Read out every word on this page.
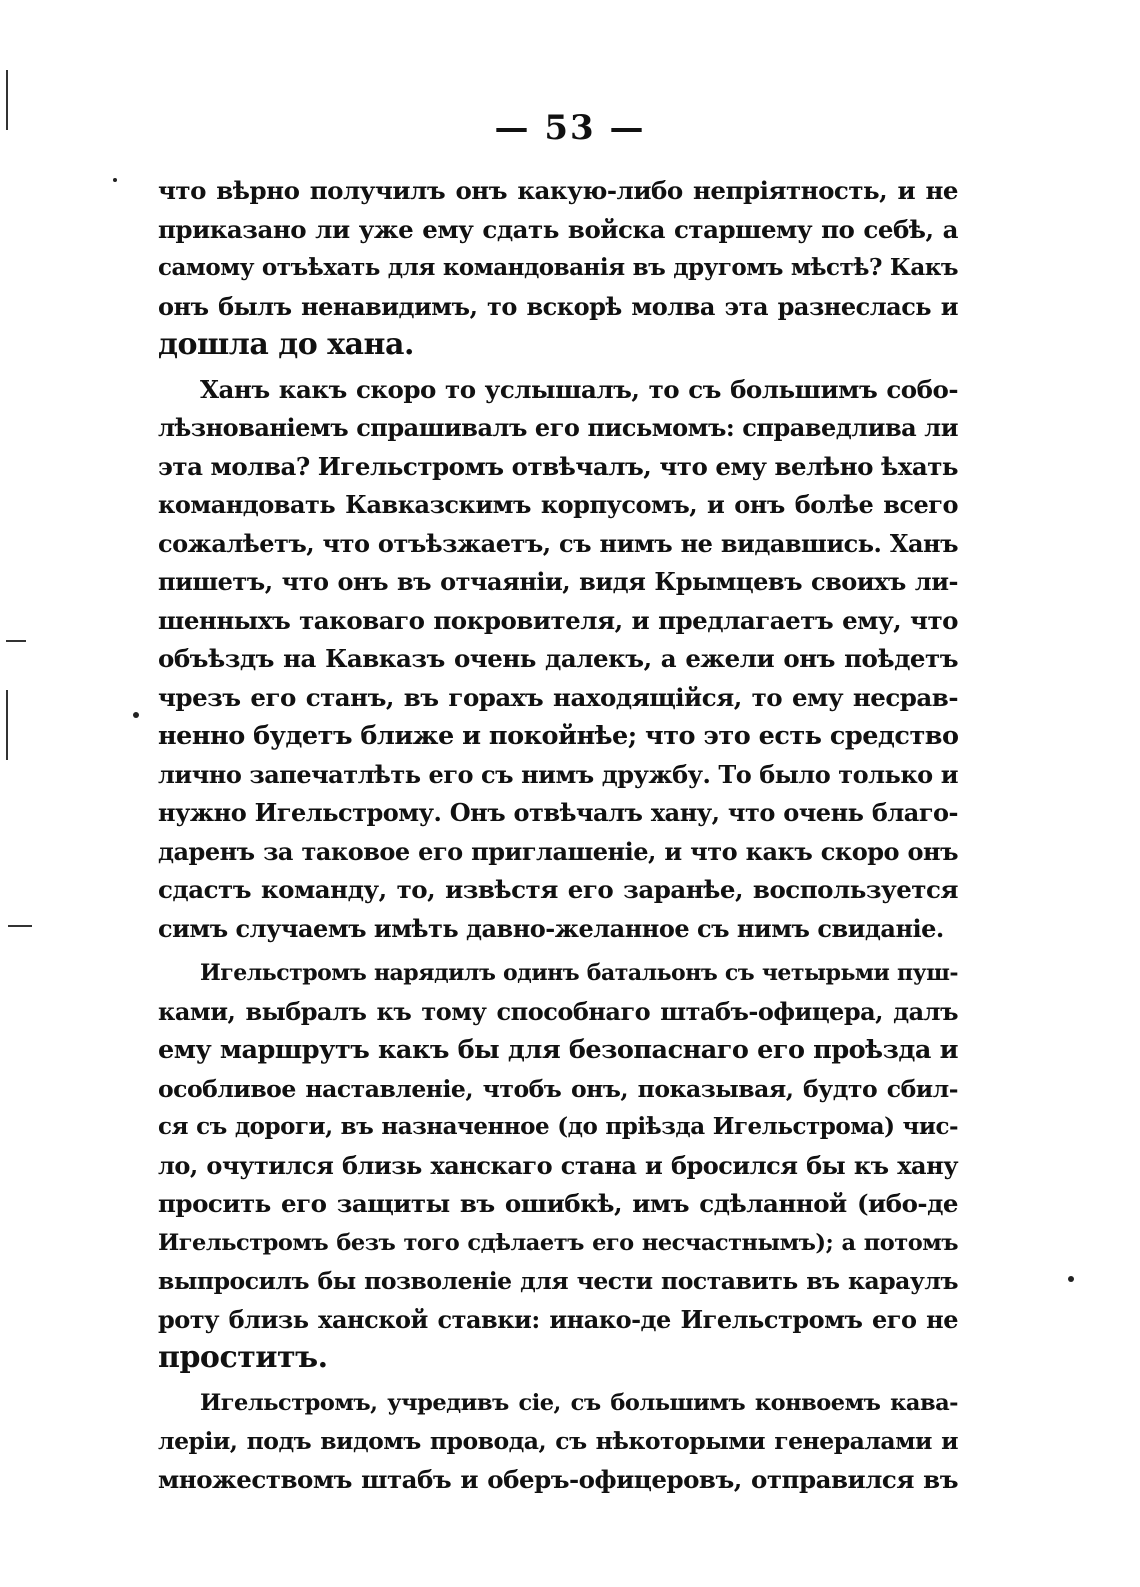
— 53 —

что вѣрно получилъ онъ какую-либо непріятность, и не
приказано ли уже ему сдать войска старшему по себѣ, а
самому отъѣхать для командованія въ другомъ мѣстѣ? Какъ
онъ былъ ненавидимъ, то вскорѣ молва эта разнеслась и
дошла до хана.

Ханъ какъ скоро то услышалъ, то съ большимъ собо-
лѣзнованіемъ спрашивалъ его письмомъ: справедлива ли
эта молва? Игельстромъ отвѣчалъ, что ему велѣно ѣхать
командовать Кавказскимъ корпусомъ, и онъ болѣе всего
сожалѣетъ, что отъѣзжаетъ, съ нимъ не видавшись. Ханъ
пишетъ, что онъ въ отчаяніи, видя Крымцевъ своихъ ли-
шенныхъ таковаго покровителя, и предлагаетъ ему, что
объѣздъ на Кавказъ очень далекъ, а ежели онъ поѣдетъ
чрезъ его станъ, въ горахъ находящійся, то ему несрав-
ненно будетъ ближе и покойнѣе; что это есть средство
лично запечатлѣть его съ нимъ дружбу. То было только и
нужно Игельстрому. Онъ отвѣчалъ хану, что очень благо-
даренъ за таковое его приглашеніе, и что какъ скоро онъ
сдастъ команду, то, извѣстя его заранѣе, воспользуется
симъ случаемъ имѣть давно-желанное съ нимъ свиданіе.

Игельстромъ нарядилъ одинъ батальонъ съ четырьми пуш-
ками, выбралъ къ тому способнаго штабъ-офицера, далъ
ему маршрутъ какъ бы для безопаснаго его проѣзда и
особливое наставленіе, чтобъ онъ, показывая, будто сбил-
ся съ дороги, въ назначенное (до пріѣзда Игельстрома) чис-
ло, очутился близь ханскаго стана и бросился бы къ хану
просить его защиты въ ошибкѣ, имъ сдѣланной (ибо-де
Игельстромъ безъ того сдѣлаетъ его несчастнымъ); а потомъ
выпросилъ бы позволеніе для чести поставить въ караулъ
роту близь ханской ставки: инако-де Игельстромъ его не
проститъ.

Игельстромъ, учредивъ сіе, съ большимъ конвоемъ кава-
леріи, подъ видомъ провода, съ нѣкоторыми генералами и
множествомъ штабъ и оберъ-офицеровъ, отправился въ
